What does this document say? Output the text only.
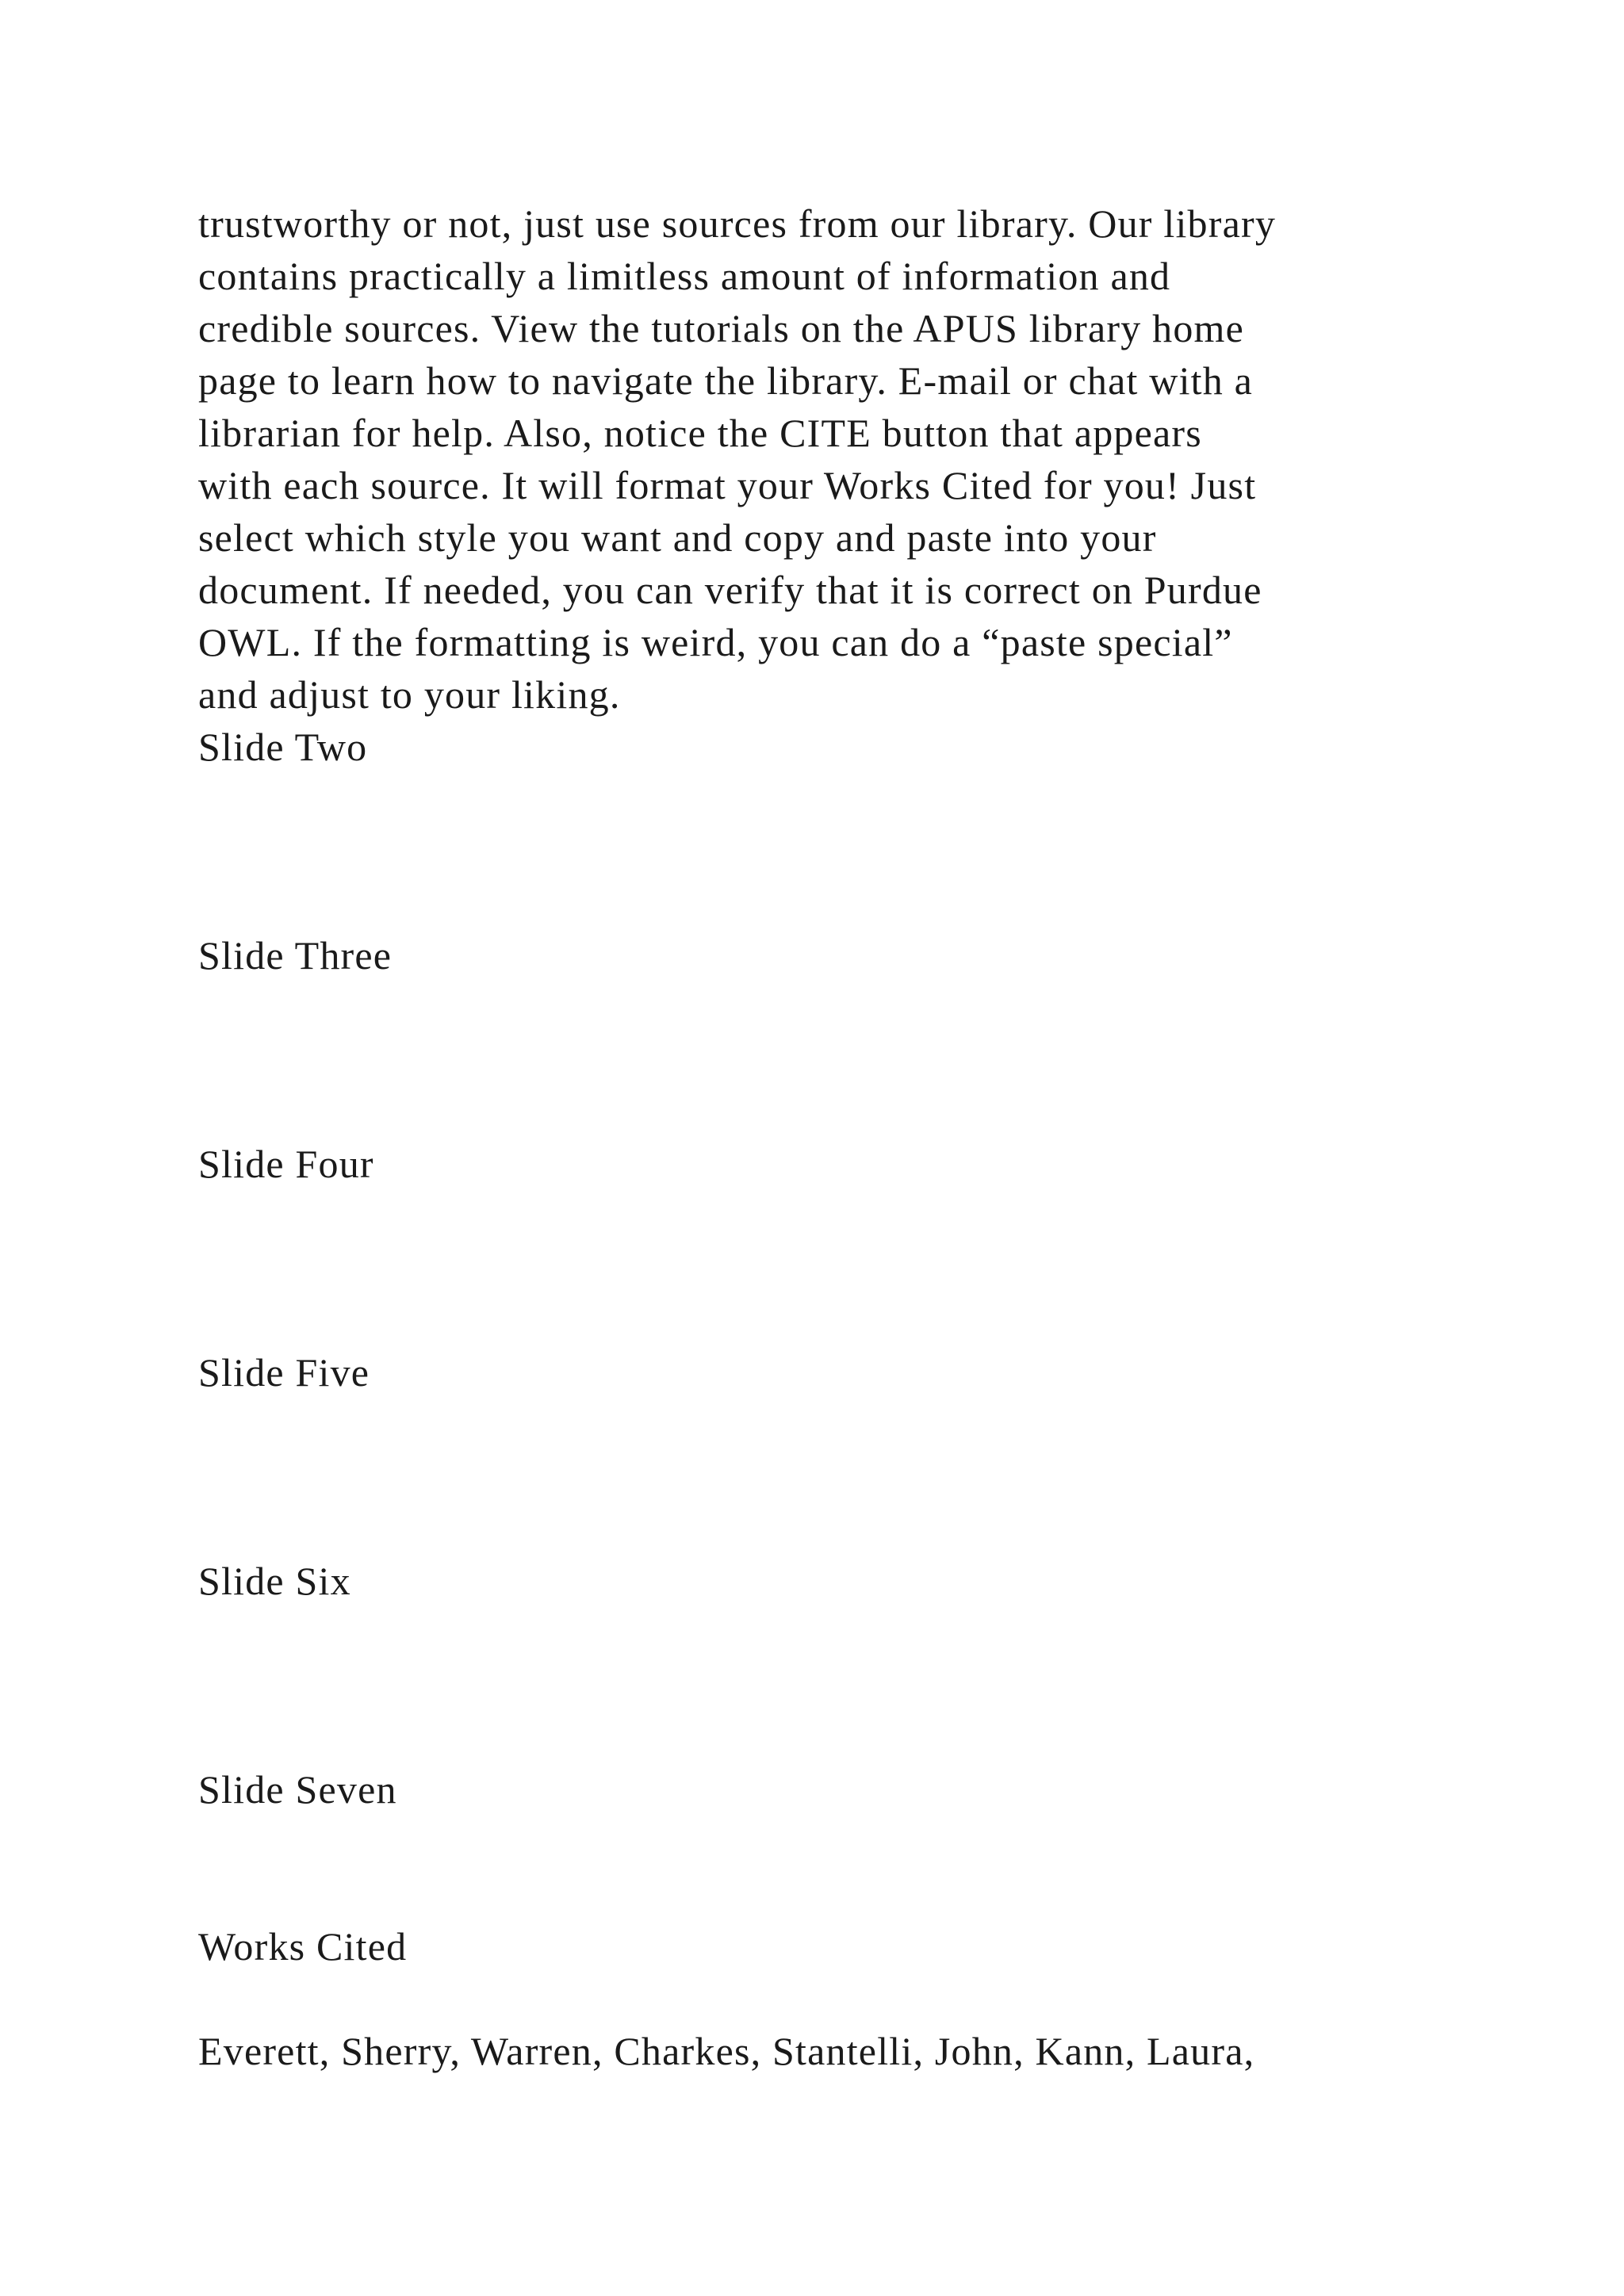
trustworthy or not, just use sources from our library. Our library

contains practically a limitless amount of information and

credible sources. View the tutorials on the APUS library home

page to learn how to navigate the library. E-mail or chat with a

librarian for help. Also, notice the CITE button that appears

with each source. It will format your Works Cited for you! Just

select which style you want and copy and paste into your

document. If needed, you can verify that it is correct on Purdue

OWL. If the formatting is weird, you can do a “paste special”

and adjust to your liking.

Slide Two

Slide Three

Slide Four

Slide Five

Slide Six

Slide Seven

Works Cited

Everett, Sherry, Warren, Charkes, Stantelli, John, Kann, Laura,
